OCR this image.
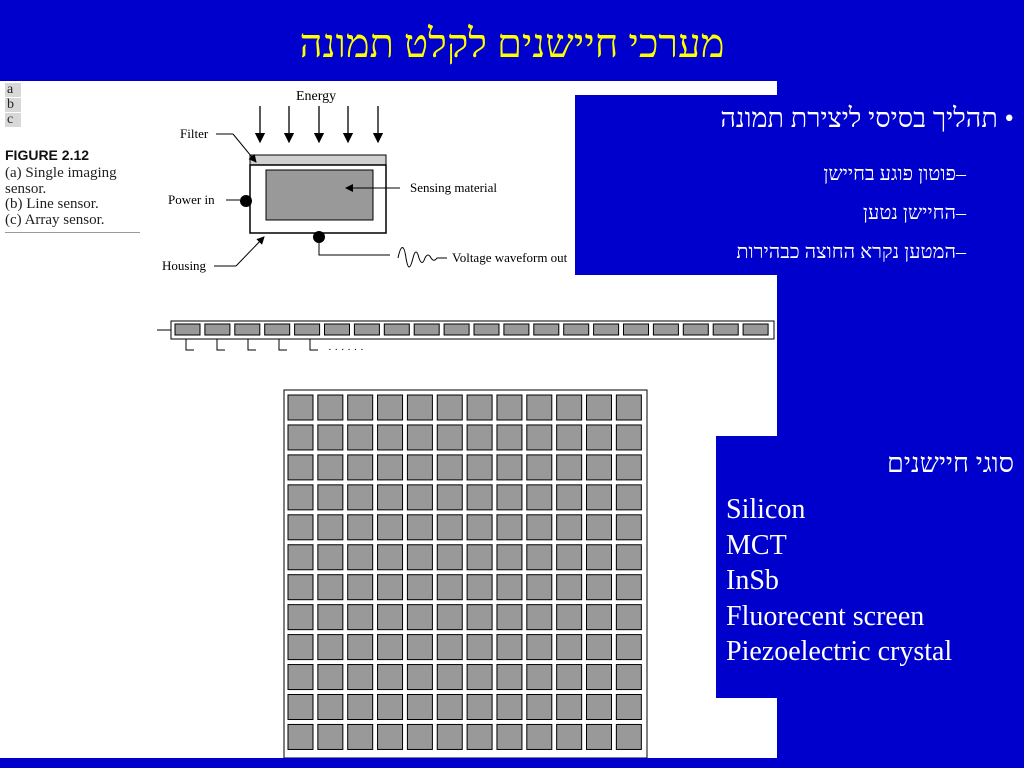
מערכי חיישנים לקלט תמונה
Energy
Filter
Power in
Housing
Sensing material
Voltage waveform out
· · · · · ·
a
b
c
FIGURE 2.12
(a) Single imaging
sensor.
(b) Line sensor.
(c) Array sensor.
• תהליך בסיסי ליצירת תמונה
–פוטון פוגע בחיישן
–החיישן נטען
–המטען נקרא החוצה כבהירות
סוגי חיישנים
Silicon
MCT
InSb
Fluorecent screen
Piezoelectric crystal
